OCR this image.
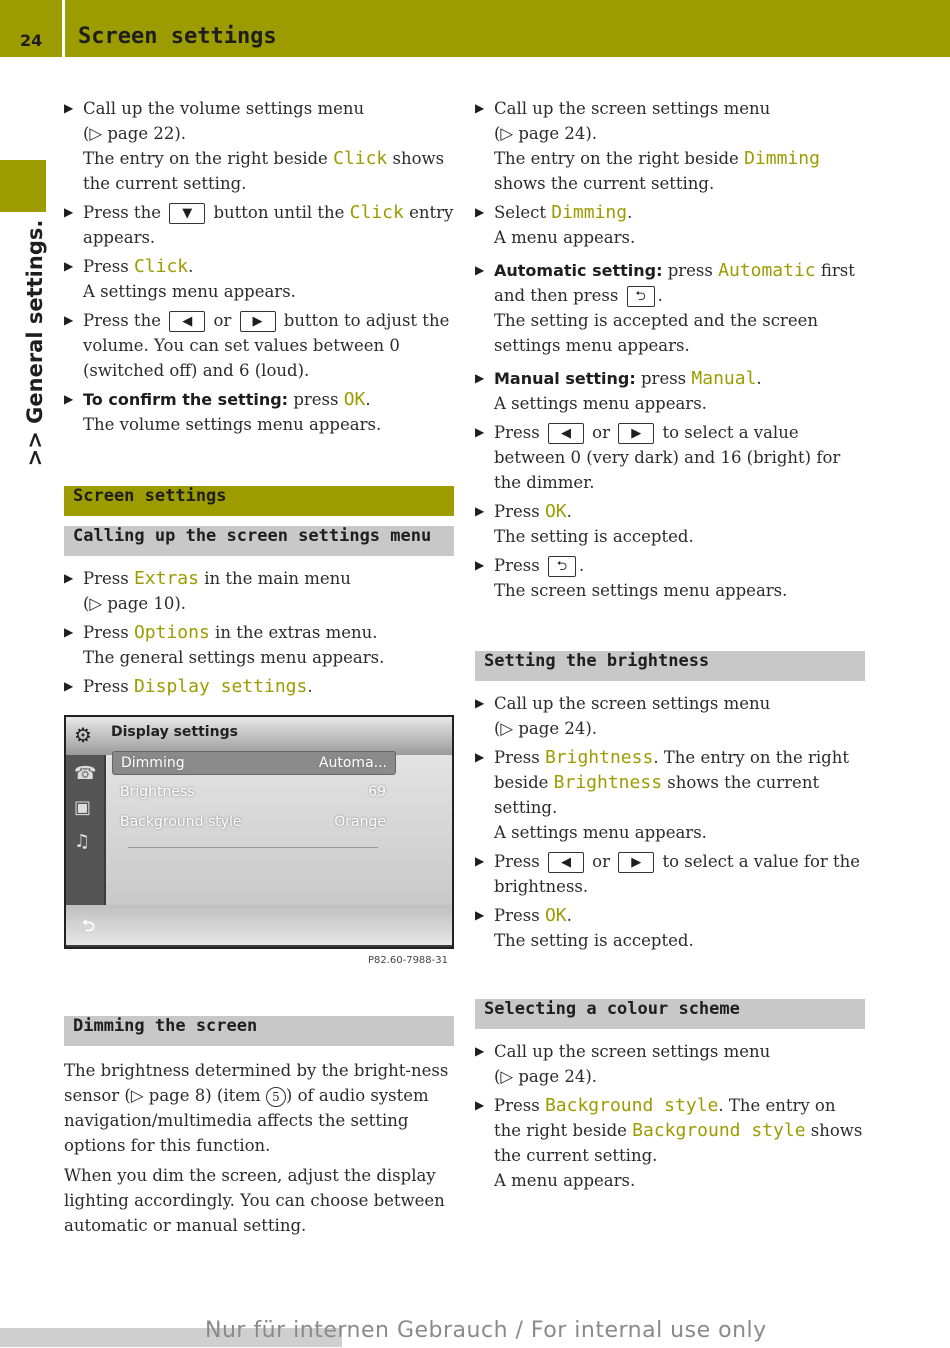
24 Screen settings
>> General settings.
▶ Call up the volume settings menu
(▷ page 22).
The entry on the right beside Click shows the current setting.
▶ Press the ▼ button until the Click entry appears.
▶ Press Click.
A settings menu appears.
▶ Press the ◀ or ▶ button to adjust the volume. You can set values between 0 (switched off) and 6 (loud).
▶ To confirm the setting: press OK.
The volume settings menu appears.
Screen settings
Calling up the screen settings menu
▶ Press Extras in the main menu
(▷ page 10).
▶ Press Options in the extras menu.
The general settings menu appears.
▶ Press Display settings.
⚙ Display settings
☎
▣
♫
Dimming	Automa...
Brightness	69
Background style	Orange
⮌
P82.60-7988-31
Dimming the screen

The brightness determined by the bright-ness sensor (▷ page 8) (item 5 ) of audio system navigation/multimedia affects the setting options for this function.

When you dim the screen, adjust the display lighting accordingly. You can choose between automatic or manual setting.

▶ Call up the screen settings menu
(▷ page 24).
The entry on the right beside Dimming shows the current setting.
▶ Select Dimming.
A menu appears.
▶ Automatic setting: press Automatic first and then press ⮌ .
The setting is accepted and the screen settings menu appears.
▶ Manual setting: press Manual.
A settings menu appears.
▶ Press ◀ or ▶ to select a value between 0 (very dark) and 16 (bright) for the dimmer.
▶ Press OK.
The setting is accepted.
▶ Press ⮌ .
The screen settings menu appears.
Setting the brightness
▶ Call up the screen settings menu
(▷ page 24).
▶ Press Brightness. The entry on the right beside Brightness shows the current setting.
A settings menu appears.
▶ Press ◀ or ▶ to select a value for the brightness.
▶ Press OK.
The setting is accepted.
Selecting a colour scheme
▶ Call up the screen settings menu
(▷ page 24).
▶ Press Background style. The entry on the right beside Background style shows the current setting.
A menu appears.
Nur für internen Gebrauch / For internal use only
